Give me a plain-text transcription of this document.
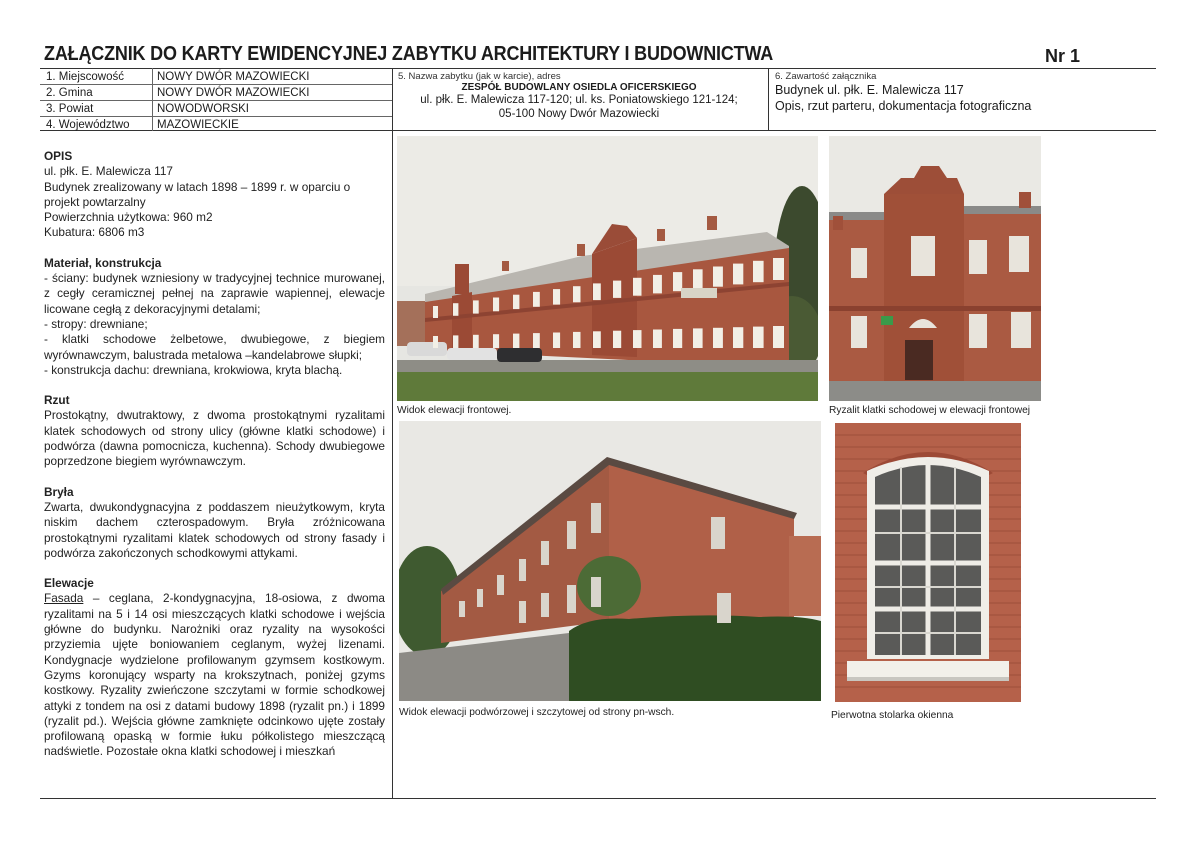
ZAŁĄCZNIK DO KARTY EWIDENCYJNEJ ZABYTKU ARCHITEKTURY I BUDOWNICTWA	Nr 1
1. Miejscowość	NOWY DWÓR MAZOWIECKI
2. Gmina	NOWY DWÓR MAZOWIECKI
3. Powiat	NOWODWORSKI
4. Województwo MAZOWIECKIE
5. Nazwa zabytku (jak w karcie), adres
ZESPÓŁ BUDOWLANY OSIEDLA OFICERSKIEGO
ul. płk. E. Malewicza 117-120; ul. ks. Poniatowskiego 121-124;
05-100 Nowy Dwór Mazowiecki
6. Zawartość załącznika
Budynek ul. płk. E. Malewicza 117
Opis, rzut parteru, dokumentacja fotograficzna
OPIS

ul. płk. E. Malewicza 117

Budynek zrealizowany w latach 1898 – 1899 r. w oparciu o projekt powtarzalny

Powierzchnia użytkowa: 960 m2

Kubatura: 6806 m3

Materiał, konstrukcja

- ściany: budynek wzniesiony w tradycyjnej technice murowanej, z cegły ceramicznej pełnej na zaprawie wapiennej, elewacje licowane cegłą z dekoracyjnymi detalami;

- stropy: drewniane;

- klatki schodowe żelbetowe, dwubiegowe, z biegiem wyrównawczym, balustrada metalowa –kandelabrowe słupki;

- konstrukcja dachu: drewniana, krokwiowa, kryta blachą.

Rzut

Prostokątny, dwutraktowy, z dwoma prostokątnymi ryzalitami klatek schodowych od strony ulicy (główne klatki schodowe) i podwórza (dawna pomocnicza, kuchenna). Schody dwubiegowe poprzedzone biegiem wyrównawczym.

Bryła

Zwarta, dwukondygnacyjna z poddaszem nieużytkowym, kryta niskim dachem czterospadowym. Bryła zróżnicowana prostokątnymi ryzalitami klatek schodowych od strony fasady i podwórza zakończonych schodkowymi attykami.

Elewacje

Fasada – ceglana, 2-kondygnacyjna, 18-osiowa, z dwoma ryzalitami na 5 i 14 osi mieszczących klatki schodowe i wejścia główne do budynku. Narożniki oraz ryzality na wysokości przyziemia ujęte boniowaniem ceglanym, wyżej lizenami. Kondygnacje wydzielone profilowanym gzymsem kostkowym. Gzyms koronujący wsparty na krokszytnach, poniżej gzyms kostkowy. Ryzality zwieńczone szczytami w formie schodkowej attyki z tondem na osi z datami budowy 1898 (ryzalit pn.) i 1899 (ryzalit pd.). Wejścia główne zamknięte odcinkowo ujęte zostały profilowaną opaską w formie łuku półkolistego mieszczącą nadświetle. Pozostałe okna klatki schodowej i mieszkań

Widok elewacji frontowej.	Ryzalit klatki schodowej w elewacji frontowej
Widok elewacji podwórzowej i szczytowej od strony pn-wsch.	Pierwotna stolarka okienna
